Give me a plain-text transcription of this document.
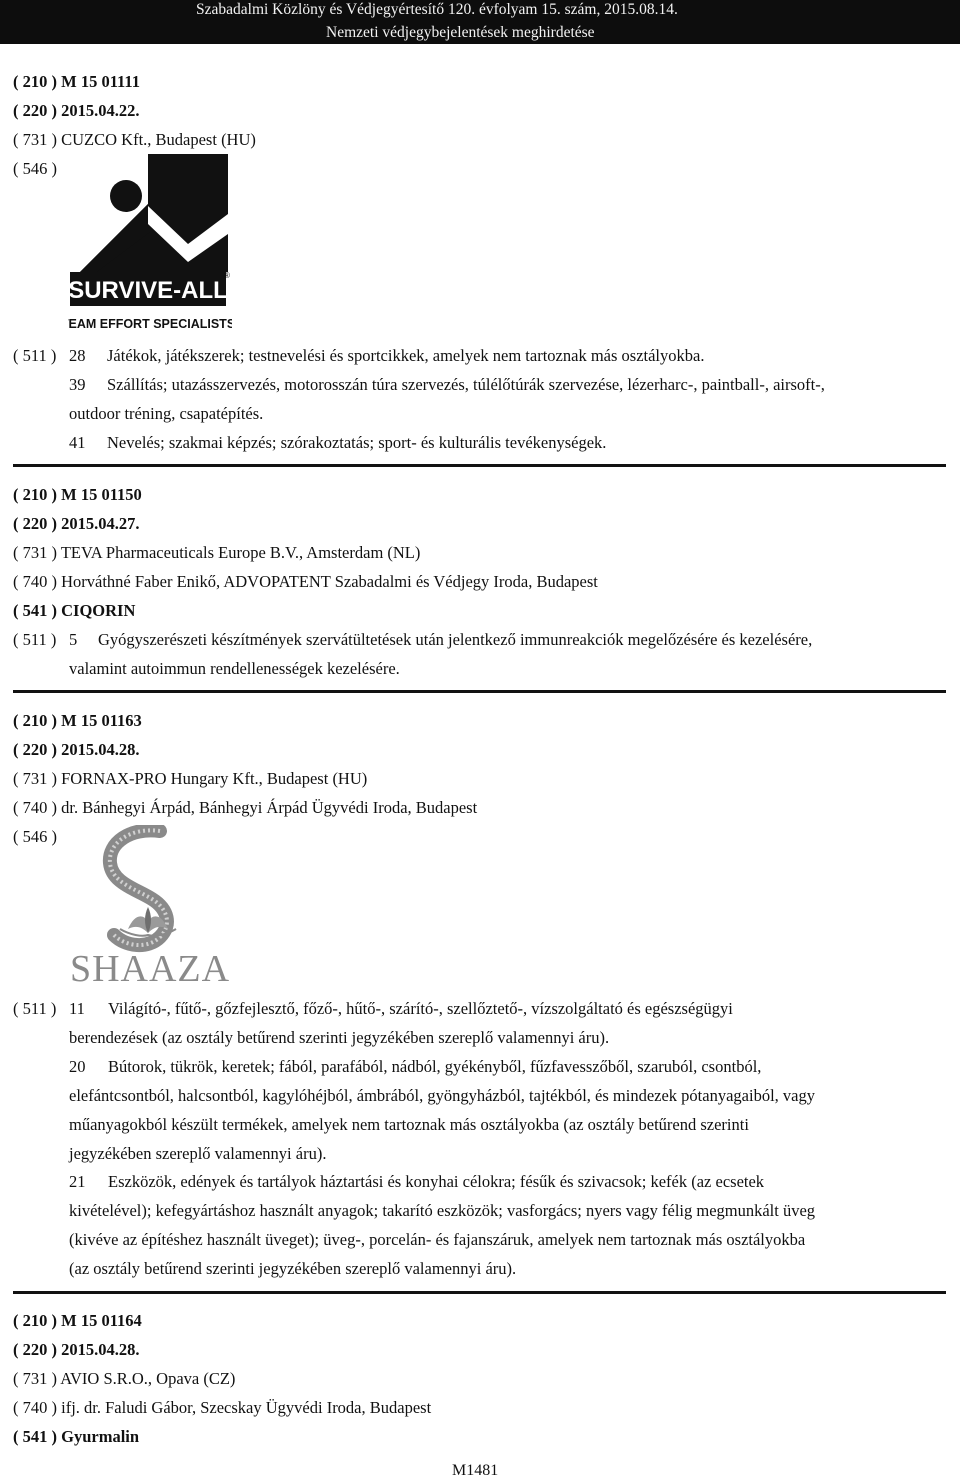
Szabadalmi Közlöny és Védjegyértesítő 120. évfolyam 15. szám, 2015.08.14.
Nemzeti védjegybejelentések meghirdetése
( 210 ) M 15 01111
( 220 ) 2015.04.22.
( 731 ) CUZCO Kft., Budapest (HU)
( 546 )
SURVIVE-ALL
®
TEAM EFFORT SPECIALISTS
( 511 ) 28 Játékok, játékszerek; testnevelési és sportcikkek, amelyek nem tartoznak más osztályokba.
39 Szállítás; utazásszervezés, motorosszán túra szervezés, túlélőtúrák szervezése, lézerharc-, paintball-, airsoft-,
outdoor tréning, csapatépítés.
41 Nevelés; szakmai képzés; szórakoztatás; sport- és kulturális tevékenységek.
( 210 ) M 15 01150
( 220 ) 2015.04.27.
( 731 ) TEVA Pharmaceuticals Europe B.V., Amsterdam (NL)
( 740 ) Horváthné Faber Enikő, ADVOPATENT Szabadalmi és Védjegy Iroda, Budapest
( 541 ) CIQORIN
( 511 ) 5 Gyógyszerészeti készítmények szervátültetések után jelentkező immunreakciók megelőzésére és kezelésére,
valamint autoimmun rendellenességek kezelésére.
( 210 ) M 15 01163
( 220 ) 2015.04.28.
( 731 ) FORNAX-PRO Hungary Kft., Budapest (HU)
( 740 ) dr. Bánhegyi Árpád, Bánhegyi Árpád Ügyvédi Iroda, Budapest
( 546 )
SHAAZA
( 511 ) 11 Világító-, fűtő-, gőzfejlesztő, főző-, hűtő-, szárító-, szellőztető-, vízszolgáltató és egészségügyi
berendezések (az osztály betűrend szerinti jegyzékében szereplő valamennyi áru).
20 Bútorok, tükrök, keretek; fából, parafából, nádból, gyékényből, fűzfavesszőből, szaruból, csontból,
elefántcsontból, halcsontból, kagylóhéjból, ámbrából, gyöngyházból, tajtékból, és mindezek pótanyagaiból, vagy
műanyagokból készült termékek, amelyek nem tartoznak más osztályokba (az osztály betűrend szerinti
jegyzékében szereplő valamennyi áru).
21 Eszközök, edények és tartályok háztartási és konyhai célokra; fésűk és szivacsok; kefék (az ecsetek
kivételével); kefegyártáshoz használt anyagok; takarító eszközök; vasforgács; nyers vagy félig megmunkált üveg
(kivéve az építéshez használt üveget); üveg-, porcelán- és fajanszáruk, amelyek nem tartoznak más osztályokba
(az osztály betűrend szerinti jegyzékében szereplő valamennyi áru).
( 210 ) M 15 01164
( 220 ) 2015.04.28.
( 731 ) AVIO S.R.O., Opava (CZ)
( 740 ) ifj. dr. Faludi Gábor, Szecskay Ügyvédi Iroda, Budapest
( 541 ) Gyurmalin
M1481
